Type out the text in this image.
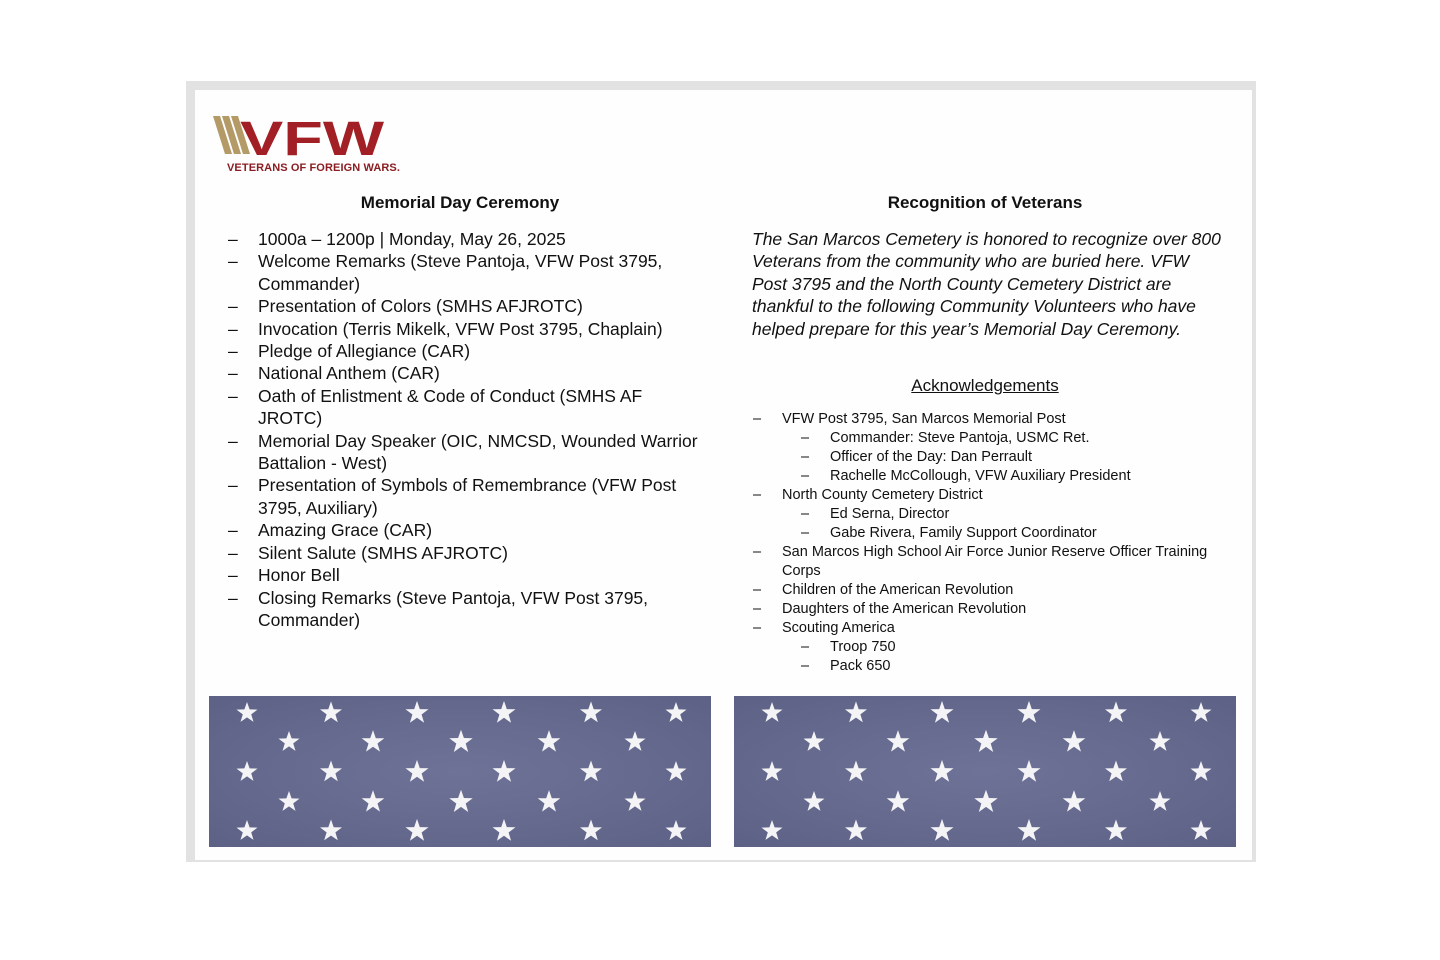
VFW
VETERANS OF FOREIGN WARS.
Memorial Day Ceremony
– 1000a – 1200p | Monday, May 26, 2025
– Welcome Remarks (Steve Pantoja, VFW Post 3795, Commander)
– Presentation of Colors (SMHS AFJROTC)
– Invocation (Terris Mikelk, VFW Post 3795, Chaplain)
– Pledge of Allegiance (CAR)
– National Anthem (CAR)
– Oath of Enlistment & Code of Conduct (SMHS AF JROTC)
– Memorial Day Speaker (OIC, NMCSD, Wounded Warrior Battalion - West)
– Presentation of Symbols of Remembrance (VFW Post 3795, Auxiliary)
– Amazing Grace (CAR)
– Silent Salute (SMHS AFJROTC)
– Honor Bell
– Closing Remarks (Steve Pantoja, VFW Post 3795, Commander)
Recognition of Veterans

The San Marcos Cemetery is honored to recognize over 800 Veterans from the community who are buried here. VFW Post 3795 and the North County Cemetery District are thankful to the following Community Volunteers who have helped prepare for this year’s Memorial Day Ceremony.

Acknowledgements
– VFW Post 3795, San Marcos Memorial Post
– Commander: Steve Pantoja, USMC Ret.
– Officer of the Day: Dan Perrault
– Rachelle McCollough, VFW Auxiliary President
– North County Cemetery District
– Ed Serna, Director
– Gabe Rivera, Family Support Coordinator
– San Marcos High School Air Force Junior Reserve Officer Training Corps
– Children of the American Revolution
– Daughters of the American Revolution
– Scouting America
– Troop 750
– Pack 650
